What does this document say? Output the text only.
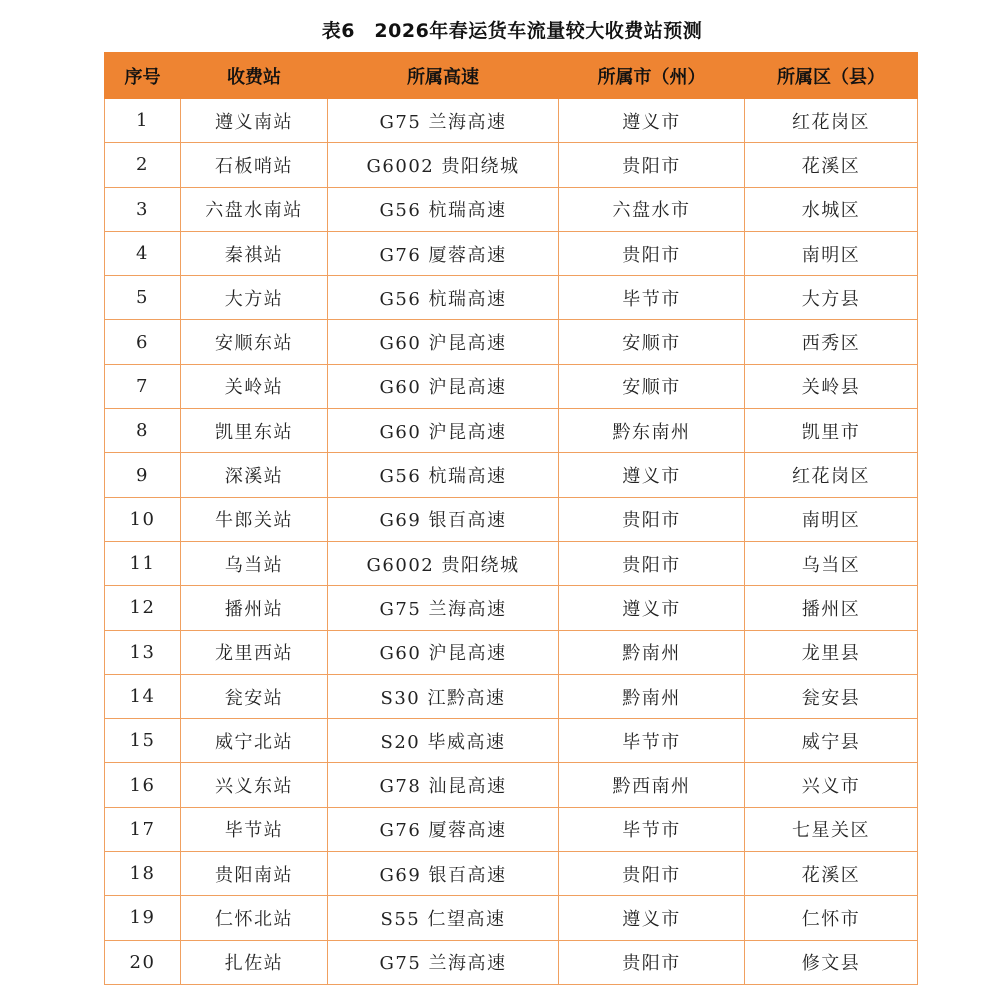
表6　2026年春运货车流量较大收费站预测
序号	收费站	所属高速	所属市（州）	所属区（县）
1	遵义南站	G75 兰海高速	遵义市	红花岗区
2	石板哨站	G6002 贵阳绕城	贵阳市	花溪区
3	六盘水南站	G56 杭瑞高速	六盘水市	水城区
4	秦祺站	G76 厦蓉高速	贵阳市	南明区
5	大方站	G56 杭瑞高速	毕节市	大方县
6	安顺东站	G60 沪昆高速	安顺市	西秀区
7	关岭站	G60 沪昆高速	安顺市	关岭县
8	凯里东站	G60 沪昆高速	黔东南州	凯里市
9	深溪站	G56 杭瑞高速	遵义市	红花岗区
10	牛郎关站	G69 银百高速	贵阳市	南明区
11	乌当站	G6002 贵阳绕城	贵阳市	乌当区
12	播州站	G75 兰海高速	遵义市	播州区
13	龙里西站	G60 沪昆高速	黔南州	龙里县
14	瓮安站	S30 江黔高速	黔南州	瓮安县
15	威宁北站	S20 毕威高速	毕节市	威宁县
16	兴义东站	G78 汕昆高速	黔西南州	兴义市
17	毕节站	G76 厦蓉高速	毕节市	七星关区
18	贵阳南站	G69 银百高速	贵阳市	花溪区
19	仁怀北站	S55 仁望高速	遵义市	仁怀市
20	扎佐站	G75 兰海高速	贵阳市	修文县
